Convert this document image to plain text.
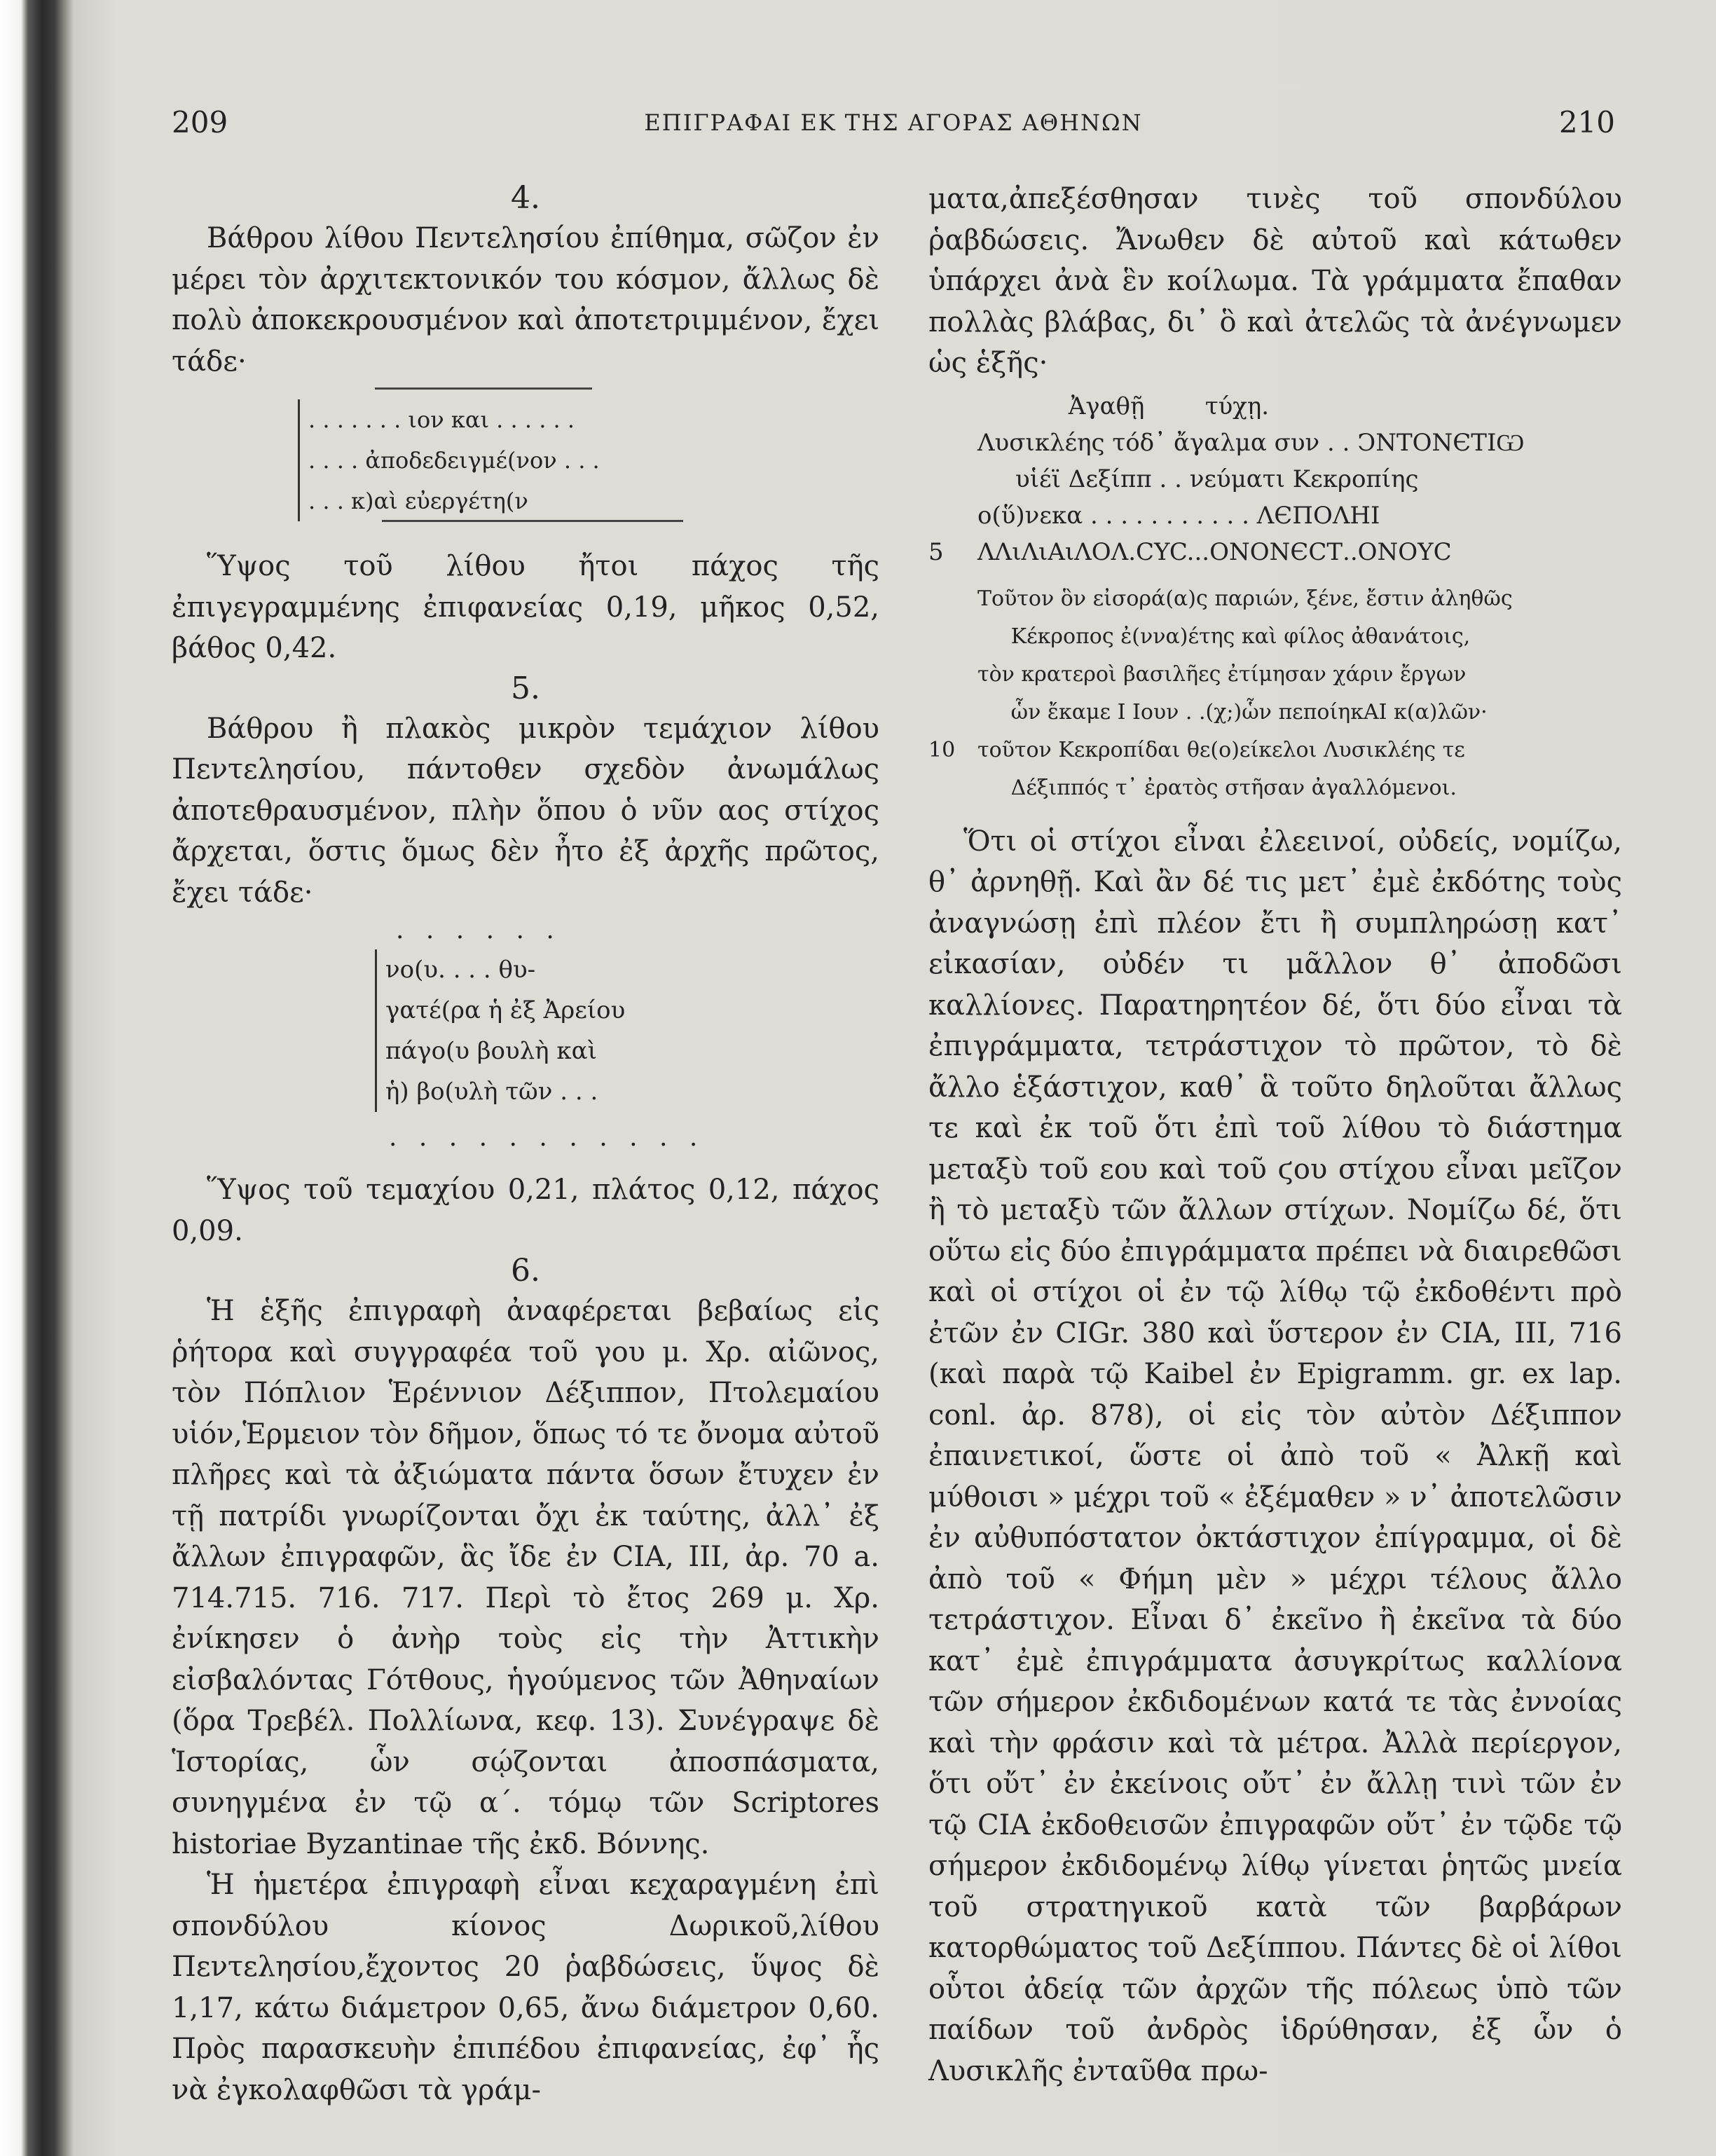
209	ΕΠΙΓΡΑΦΑΙ ΕΚ ΤΗΣ ΑΓΟΡΑΣ ΑΘΗΝΩΝ	210

4.

Βάθρου λίθου Πεντελησίου ἐπίθημα, σῶζον ἐν μέρει τὸν ἀρχιτεκτονικόν του κόσμον, ἄλλως δὲ πολὺ ἀποκεκρουσμένον καὶ ἀποτετριμμένον, ἔχει τάδε·

. . . . . . . ιον και . . . . . .
. . . . ἀποδεδειγμέ(νον . . .
. . . κ)αὶ εὐεργέτη(ν

Ὕψος τοῦ λίθου ἤτοι πάχος τῆς ἐπιγεγραμμένης ἐπιφανείας 0,19, μῆκος 0,52, βάθος 0,42.

5.

Βάθρου ἢ πλακὸς μικρὸν τεμάχιον λίθου Πεντελησίου, πάντοθεν σχεδὸν ἀνωμάλως ἀποτεθραυσμένον, πλὴν ὅπου ὁ νῦν αος στίχος ἄρχεται, ὅστις ὅμως δὲν ἦτο ἐξ ἀρχῆς πρῶτος, ἔχει τάδε·

. . . . . .
νο(υ. . . . θυ-
γατέ(ρα ἡ ἐξ Ἀρείου
πάγο(υ βουλὴ καὶ
ἡ) βο(υλὴ τῶν . . .
. . . . . . . . . . .

Ὕψος τοῦ τεμαχίου 0,21, πλάτος 0,12, πάχος 0,09.

6.

Ἡ ἑξῆς ἐπιγραφὴ ἀναφέρεται βεβαίως εἰς ῥήτορα καὶ συγγραφέα τοῦ γου μ. Χρ. αἰῶνος, τὸν Πόπλιον Ἑρέννιον Δέξιππον, Πτολεμαίου υἱόν,Ἑρμειον τὸν δῆμον, ὅπως τό τε ὄνομα αὐτοῦ πλῆρες καὶ τὰ ἀξιώματα πάντα ὅσων ἔτυχεν ἐν τῇ πατρίδι γνωρίζονται ὄχι ἐκ ταύτης, ἀλλ᾽ ἐξ ἄλλων ἐπιγραφῶν, ἃς ἴδε ἐν CIA, III, ἀρ. 70 a. 714.715. 716. 717. Περὶ τὸ ἔτος 269 μ. Χρ. ἐνίκησεν ὁ ἀνὴρ τοὺς εἰς τὴν Ἀττικὴν εἰσβαλόντας Γότθους, ἡγούμενος τῶν Ἀθηναίων (ὅρα Τρεβέλ. Πολλίωνα, κεφ. 13). Συνέγραψε δὲ Ἱστορίας, ὧν σῴζονται ἀποσπάσματα, συνηγμένα ἐν τῷ α΄. τόμῳ τῶν Scriptores historiae Byzantinae τῆς ἐκδ. Βόννης.

Ἡ ἡμετέρα ἐπιγραφὴ εἶναι κεχαραγμένη ἐπὶ σπονδύλου κίονος Δωρικοῦ,λίθου Πεντελησίου,ἔχοντος 20 ῥαβδώσεις, ὕψος δὲ 1,17, κάτω διάμετρον 0,65, ἄνω διάμετρον 0,60. Πρὸς παρασκευὴν ἐπιπέδου ἐπιφανείας, ἐφ᾽ ἧς νὰ ἐγκολαφθῶσι τὰ γράμ-

ματα,ἀπεξέσθησαν τινὲς τοῦ σπονδύλου ῥαβδώσεις. Ἄνωθεν δὲ αὐτοῦ καὶ κάτωθεν ὑπάρχει ἀνὰ ἓν κοίλωμα. Τὰ γράμματα ἔπαθαν πολλὰς βλάβας, δι᾽ ὃ καὶ ἀτελῶς τὰ ἀνέγνωμεν ὡς ἑξῆς·

Ἀγαθῇ        τύχῃ.
Λυσικλέης τόδ᾽ ἄγαλμα συν . . ϽNTONЄTIѠ
υἱέϊ Δεξίππ . . νεύματι Κεκροπίης
ο(ὕ)νεκα . . . . . . . . . . . ΛЄΠΟΛΗΙ
5 ΛΛιΛιΑιΛΟΛ.CYC...ΟΝΟΝЄCΤ..ΟΝΟΥϹ
Τοῦτον ὃν εἰσορά(α)ς παριών, ξένε, ἔστιν ἀληθῶς
Κέκροπος ἐ(ννα)έτης καὶ φίλος ἀθανάτοις,
τὸν κρατεροὶ βασιλῆες ἐτίμησαν χάριν ἔργων
ὧν ἔκαμε Ι Ιουν . .(χ;)ὧν πεποίηκΑΙ κ(α)λῶν·
10 τοῦτον Κεκροπίδαι θε(ο)είκελοι Λυσικλέης τε
Δέξιππός τ᾽ ἐρατὸς στῆσαν ἀγαλλόμενοι.

Ὅτι οἱ στίχοι εἶναι ἐλεεινοί, οὐδείς, νομίζω, θ᾽ ἀρνηθῇ. Καὶ ἂν δέ τις μετ᾽ ἐμὲ ἐκδότης τοὺς ἀναγνώσῃ ἐπὶ πλέον ἔτι ἢ συμπληρώσῃ κατ᾽ εἰκασίαν, οὐδέν τι μᾶλλον θ᾽ ἀποδῶσι καλλίονες. Παρατηρητέον δέ, ὅτι δύο εἶναι τὰ ἐπιγράμματα, τετράστιχον τὸ πρῶτον, τὸ δὲ ἄλλο ἑξάστιχον, καθ᾽ ἃ τοῦτο δηλοῦται ἄλλως τε καὶ ἐκ τοῦ ὅτι ἐπὶ τοῦ λίθου τὸ διάστημα μεταξὺ τοῦ εου καὶ τοῦ ϛου στίχου εἶναι μεῖζον ἢ τὸ μεταξὺ τῶν ἄλλων στίχων. Νομίζω δέ, ὅτι οὕτω εἰς δύο ἐπιγράμματα πρέπει νὰ διαιρεθῶσι καὶ οἱ στίχοι οἱ ἐν τῷ λίθῳ τῷ ἐκδοθέντι πρὸ ἐτῶν ἐν CIGr. 380 καὶ ὕστερον ἐν CIA, III, 716 (καὶ παρὰ τῷ Kaibel ἐν Epigramm. gr. ex lap. conl. ἀρ. 878), οἱ εἰς τὸν αὐτὸν Δέξιππον ἐπαινετικοί, ὥστε οἱ ἀπὸ τοῦ « Ἀλκῇ καὶ μύθοισι » μέχρι τοῦ « ἐξέμαθεν » ν᾽ ἀποτελῶσιν ἐν αὐθυπόστατον ὀκτάστιχον ἐπίγραμμα, οἱ δὲ ἀπὸ τοῦ « Φήμη μὲν » μέχρι τέλους ἄλλο τετράστιχον. Εἶναι δ᾽ ἐκεῖνο ἢ ἐκεῖνα τὰ δύο κατ᾽ ἐμὲ ἐπιγράμματα ἀσυγκρίτως καλλίονα τῶν σήμερον ἐκδιδομένων κατά τε τὰς ἐννοίας καὶ τὴν φράσιν καὶ τὰ μέτρα. Ἀλλὰ περίεργον, ὅτι οὔτ᾽ ἐν ἐκείνοις οὔτ᾽ ἐν ἄλλῃ τινὶ τῶν ἐν τῷ CIA ἐκδοθεισῶν ἐπιγραφῶν οὔτ᾽ ἐν τῷδε τῷ σήμερον ἐκδιδομένῳ λίθῳ γίνεται ῥητῶς μνεία τοῦ στρατηγικοῦ κατὰ τῶν βαρβάρων κατορθώματος τοῦ Δεξίππου. Πάντες δὲ οἱ λίθοι οὗτοι ἀδείᾳ τῶν ἀρχῶν τῆς πόλεως ὑπὸ τῶν παίδων τοῦ ἀνδρὸς ἱδρύθησαν, ἐξ ὧν ὁ Λυσικλῆς ἐνταῦθα πρω-
